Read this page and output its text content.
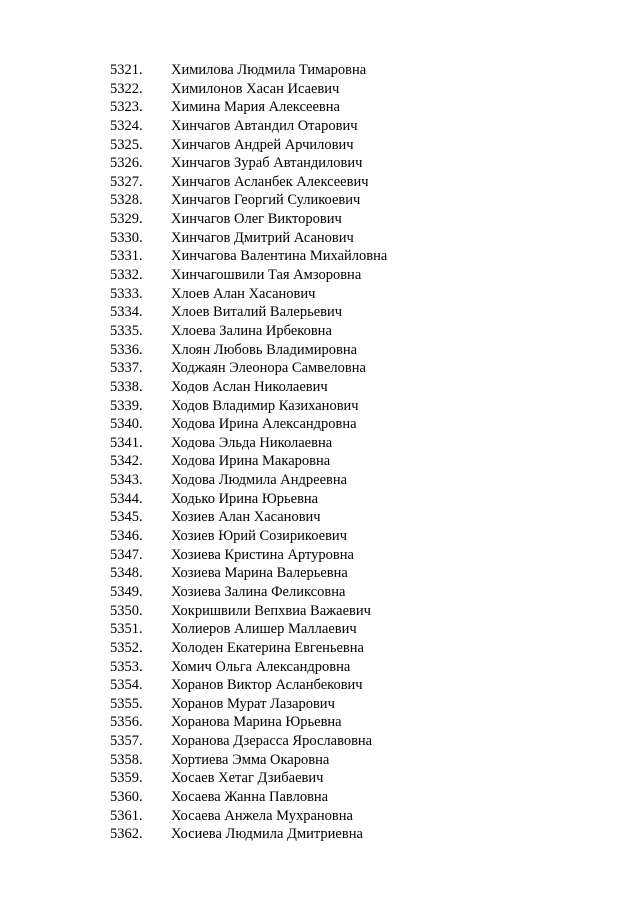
5321.	Химилова Людмила Тимаровна
5322.	Химилонов Хасан Исаевич
5323.	Химина Мария Алексеевна
5324.	Хинчагов Автандил Отарович
5325.	Хинчагов Андрей Арчилович
5326.	Хинчагов Зураб Автандилович
5327.	Хинчагов Асланбек Алексеевич
5328.	Хинчагов Георгий Суликоевич
5329.	Хинчагов Олег Викторович
5330.	Хинчагов Дмитрий Асанович
5331.	Хинчагова Валентина Михайловна
5332.	Хинчагошвили Тая Амзоровна
5333.	Хлоев Алан Хасанович
5334.	Хлоев Виталий Валерьевич
5335.	Хлоева Залина Ирбековна
5336.	Хлоян Любовь Владимировна
5337.	Ходжаян Элеонора Самвеловна
5338.	Ходов Аслан Николаевич
5339.	Ходов Владимир Казиханович
5340.	Ходова Ирина Александровна
5341.	Ходова Эльда Николаевна
5342.	Ходова Ирина Макаровна
5343.	Ходова Людмила Андреевна
5344.	Ходько Ирина Юрьевна
5345.	Хозиев Алан Хасанович
5346.	Хозиев Юрий Созирикоевич
5347.	Хозиева Кристина Артуровна
5348.	Хозиева Марина Валерьевна
5349.	Хозиева Залина Феликсовна
5350.	Хокришвили Вепхвиа Важаевич
5351.	Холиеров Алишер Маллаевич
5352.	Холоден Екатерина Евгеньевна
5353.	Хомич Ольга Александровна
5354.	Хоранов Виктор Асланбекович
5355.	Хоранов Мурат Лазарович
5356.	Хоранова Марина Юрьевна
5357.	Хоранова Дзерасса Ярославовна
5358.	Хортиева Эмма Окаровна
5359.	Хосаев Хетаг Дзибаевич
5360.	Хосаева Жанна Павловна
5361.	Хосаева Анжела Мухрановна
5362.	Хосиева Людмила Дмитриевна
